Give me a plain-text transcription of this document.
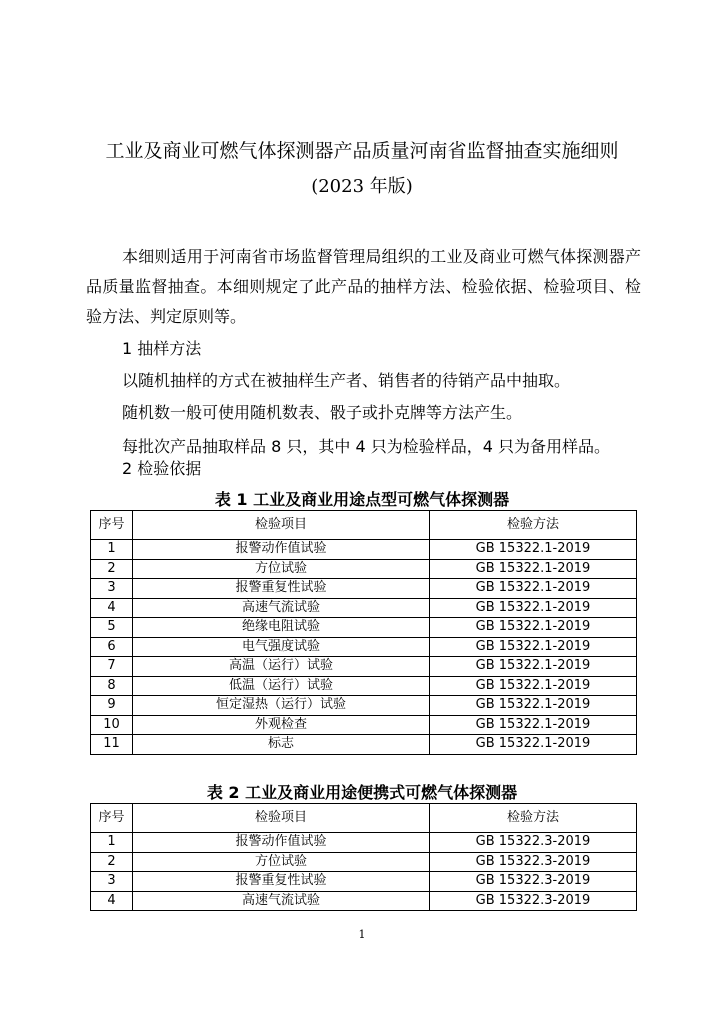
工业及商业可燃气体探测器产品质量河南省监督抽查实施细则
(2023 年版)
本细则适用于河南省市场监督管理局组织的工业及商业可燃气体探测器产品质量监督抽查。本细则规定了此产品的抽样方法、检验依据、检验项目、检验方法、判定原则等。
1 抽样方法
以随机抽样的方式在被抽样生产者、销售者的待销产品中抽取。
随机数一般可使用随机数表、骰子或扑克牌等方法产生。
每批次产品抽取样品 8 只，其中 4 只为检验样品，4 只为备用样品。
2 检验依据
表 1 工业及商业用途点型可燃气体探测器
序号	检验项目	检验方法
1	报警动作值试验	GB 15322.1-2019
2	方位试验	GB 15322.1-2019
3	报警重复性试验	GB 15322.1-2019
4	高速气流试验	GB 15322.1-2019
5	绝缘电阻试验	GB 15322.1-2019
6	电气强度试验	GB 15322.1-2019
7	高温（运行）试验	GB 15322.1-2019
8	低温（运行）试验	GB 15322.1-2019
9	恒定湿热（运行）试验	GB 15322.1-2019
10	外观检查	GB 15322.1-2019
11	标志	GB 15322.1-2019
表 2 工业及商业用途便携式可燃气体探测器
序号	检验项目	检验方法
1	报警动作值试验	GB 15322.3-2019
2	方位试验	GB 15322.3-2019
3	报警重复性试验	GB 15322.3-2019
4	高速气流试验	GB 15322.3-2019
1
